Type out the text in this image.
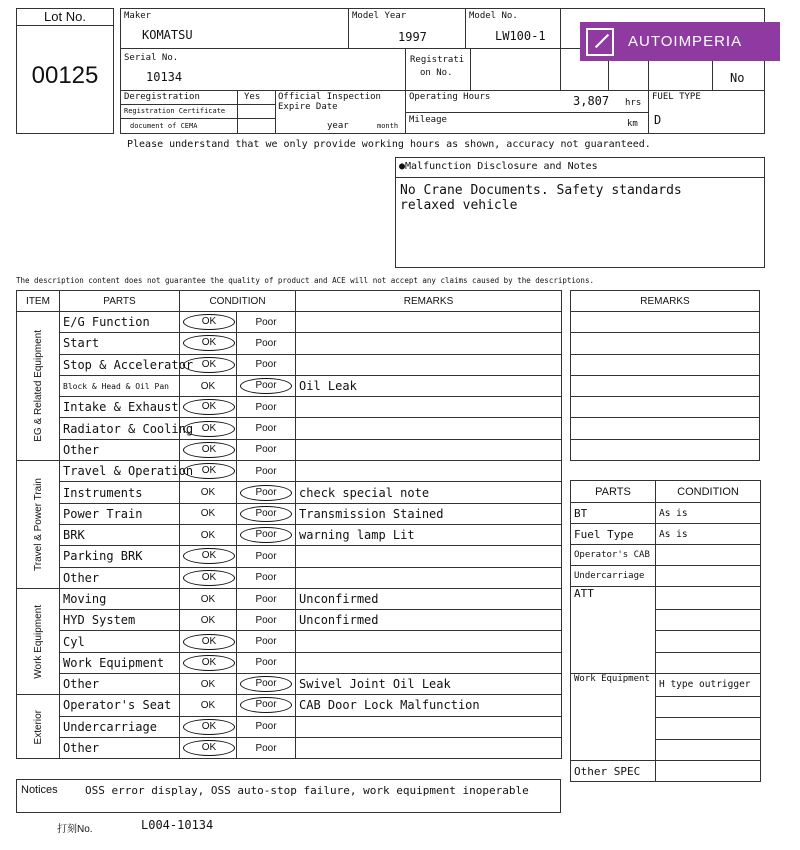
Lot No.
00125
Maker
KOMATSU
Model Year
1997
Model No.
LW100-1
Serial No.
10134
Registrati
on No.	No
Deregistration	Yes
Registration Certificate
document of CEMA
Official Inspection
Expire Date
year	month
Operating Hours	3,807 hrs
Mileage	km
FUEL TYPE
D
AUTOIMPERIA
Please understand that we only provide working hours as shown, accuracy not guaranteed.
●Malfunction Disclosure and Notes
No Crane Documents. Safety standards
relaxed vehicle
The description content does not guarantee the quality of product and ACE will not accept any claims caused by the descriptions.
ITEM	PARTS	CONDITION		REMARKS

EG & Related Equipment	E/G Function	OK	Poor	
	Start	OK	Poor	
	Stop & Accelerator	OK	Poor	
	Block & Head & Oil Pan	OK	Poor	Oil Leak
	Intake & Exhaust	OK	Poor	
	Radiator & Cooling	OK	Poor	
	Other	OK	Poor	

Travel & Power Train	Travel & Operation	OK	Poor	
	Instruments	OK	Poor	check special note
	Power Train	OK	Poor	Transmission Stained
	BRK	OK	Poor	warning lamp Lit
	Parking BRK	OK	Poor	
	Other	OK	Poor	

Work Equipment	Moving	OK	Poor	Unconfirmed
	HYD System	OK	Poor	Unconfirmed
	Cyl	OK	Poor	
	Work Equipment	OK	Poor	
	Other	OK	Poor	Swivel Joint Oil Leak

Exterior	Operator's Seat	OK	Poor	CAB Door Lock Malfunction
	Undercarriage	OK	Poor	
	Other	OK	Poor	
REMARKS

PARTS	CONDITION
BT	As is
Fuel Type	As is
Operator's CAB	
Undercarriage	
ATT	

Work Equipment	H type outrigger

Other SPEC	
Notices OSS error display, OSS auto-stop failure, work equipment inoperable
打刻No.	L004-10134
